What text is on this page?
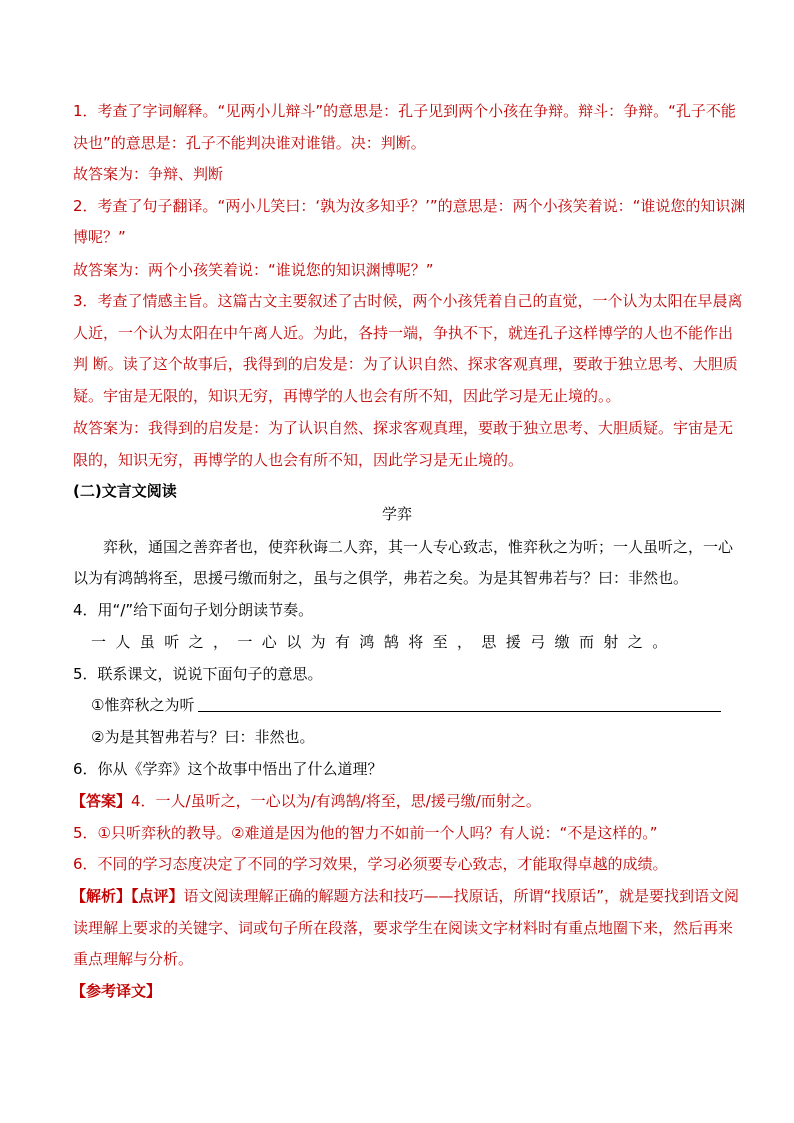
1．考查了字词解释。“见两小儿辩斗”的意思是：孔子见到两个小孩在争辩。辩斗：争辩。“孔子不能
决也”的意思是：孔子不能判决谁对谁错。决：判断。
故答案为：争辩、判断
2．考查了句子翻译。“两小儿笑曰：‘孰为汝多知乎？’”的意思是：两个小孩笑着说：“谁说您的知识渊
博呢？”
故答案为：两个小孩笑着说：“谁说您的知识渊博呢？”
3．考查了情感主旨。这篇古文主要叙述了古时候，两个小孩凭着自己的直觉，一个认为太阳在早晨离
人近，一个认为太阳在中午离人近。为此，各持一端，争执不下，就连孔子这样博学的人也不能作出
判 断。读了这个故事后，我得到的启发是：为了认识自然、探求客观真理，要敢于独立思考、大胆质
疑。宇宙是无限的，知识无穷，再博学的人也会有所不知，因此学习是无止境的。。
故答案为：我得到的启发是：为了认识自然、探求客观真理，要敢于独立思考、大胆质疑。宇宙是无
限的，知识无穷，再博学的人也会有所不知，因此学习是无止境的。
(二)文言文阅读
学弈
弈秋，通国之善弈者也，使弈秋诲二人弈，其一人专心致志，惟弈秋之为听；一人虽听之，一心
以为有鸿鹄将至，思援弓缴而射之，虽与之俱学，弗若之矣。为是其智弗若与？曰：非然也。
4．用“/”给下面句子划分朗读节奏。
一人虽听之，一心以为有鸿鹄将至，思援弓缴而射之。
5．联系课文，说说下面句子的意思。
①惟弈秋之为听
②为是其智弗若与？曰：非然也。
6．你从《学弈》这个故事中悟出了什么道理？
【答案】4．一人/虽听之，一心以为/有鸿鹄/将至，思/援弓缴/而射之。
5．①只听弈秋的教导。②难道是因为他的智力不如前一个人吗？有人说：“不是这样的。”
6．不同的学习态度决定了不同的学习效果，学习必须要专心致志，才能取得卓越的成绩。
【解析】【点评】语文阅读理解正确的解题方法和技巧——找原话，所谓“找原话”，就是要找到语文阅
读理解上要求的关键字、词或句子所在段落，要求学生在阅读文字材料时有重点地圈下来，然后再来
重点理解与分析。
【参考译文】
